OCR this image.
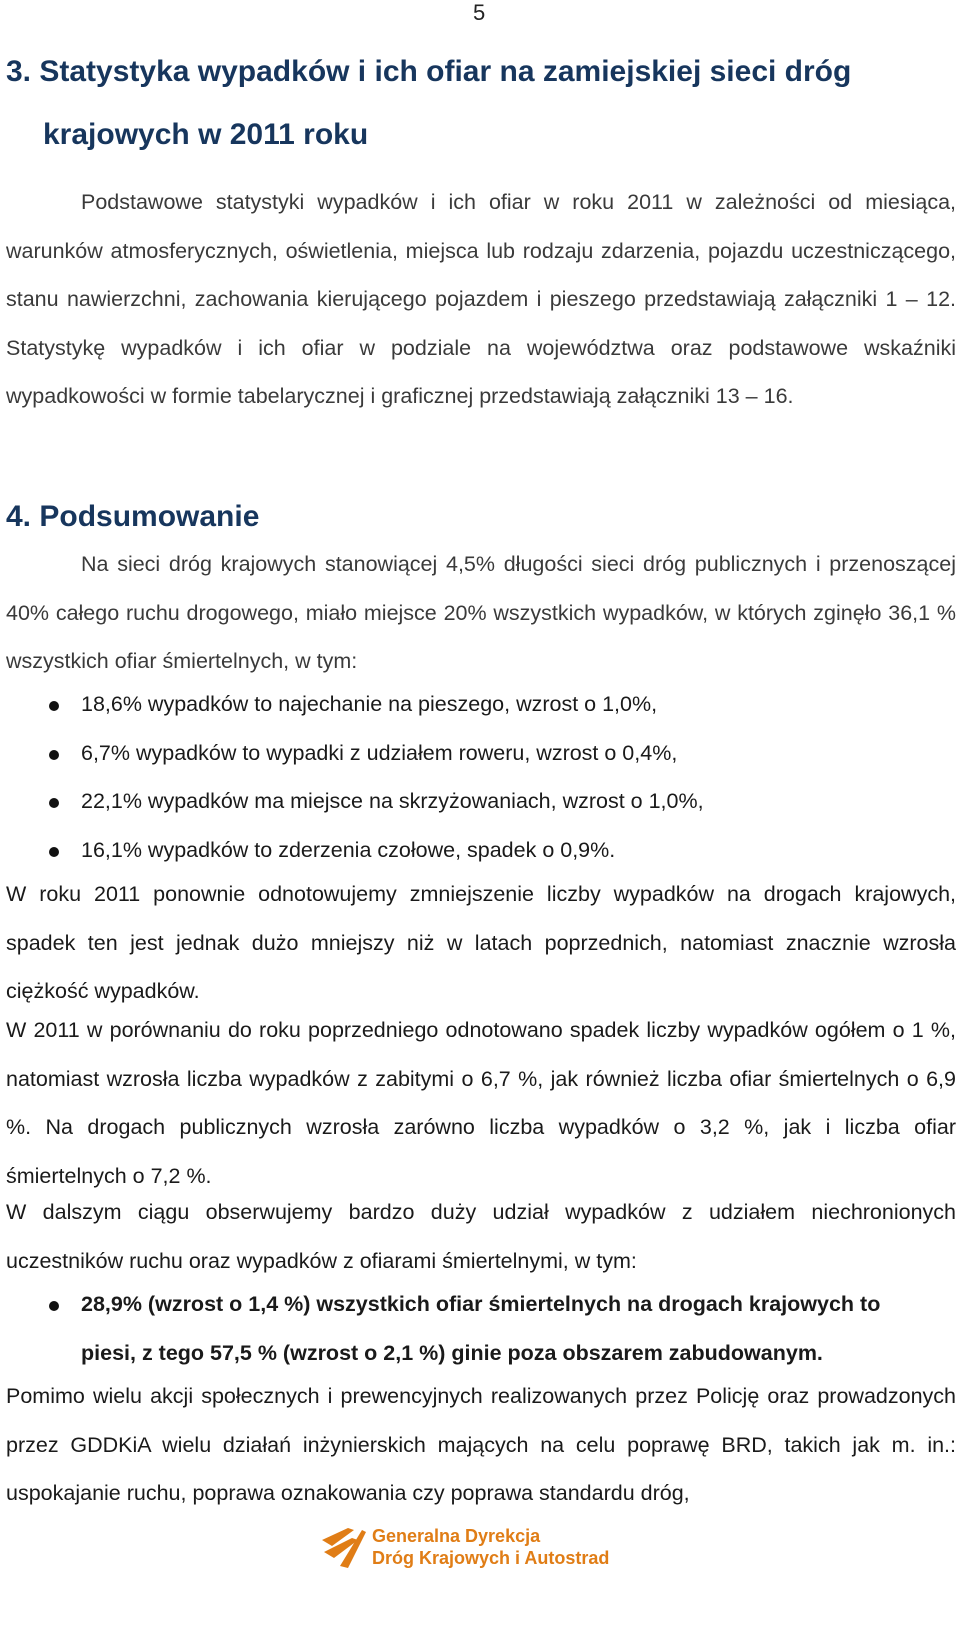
5
3. Statystyka wypadków i ich ofiar na zamiejskiej sieci dróg
krajowych w 2011 roku

Podstawowe statystyki wypadków i ich ofiar w roku 2011 w zależności od miesiąca, warunków atmosferycznych, oświetlenia, miejsca lub rodzaju zdarzenia, pojazdu uczestniczącego, stanu nawierzchni, zachowania kierującego pojazdem i pieszego przedstawiają załączniki 1 – 12. Statystykę wypadków i ich ofiar w podziale na województwa oraz podstawowe wskaźniki wypadkowości w formie tabelarycznej i graficznej przedstawiają załączniki 13 – 16.

4. Podsumowanie

Na sieci dróg krajowych stanowiącej 4,5% długości sieci dróg publicznych i przenoszącej 40% całego ruchu drogowego, miało miejsce 20% wszystkich wypadków, w których zginęło 36,1 % wszystkich ofiar śmiertelnych, w tym:

18,6% wypadków to najechanie na pieszego, wzrost o 1,0%,
6,7% wypadków to wypadki z udziałem roweru, wzrost o 0,4%,
22,1% wypadków ma miejsce na skrzyżowaniach, wzrost o 1,0%,
16,1% wypadków to zderzenia czołowe, spadek o 0,9%.

W roku 2011 ponownie odnotowujemy zmniejszenie liczby wypadków na drogach krajowych, spadek ten jest jednak dużo mniejszy niż w latach poprzednich, natomiast znacznie wzrosła ciężkość wypadków.

W 2011 w porównaniu do roku poprzedniego odnotowano spadek liczby wypadków ogółem o 1 %, natomiast wzrosła liczba wypadków z zabitymi o 6,7 %, jak również liczba ofiar śmiertelnych o 6,9 %. Na drogach publicznych wzrosła zarówno liczba wypadków o 3,2 %, jak i liczba ofiar śmiertelnych o 7,2 %.

W dalszym ciągu obserwujemy bardzo duży udział wypadków z udziałem niechronionych uczestników ruchu oraz wypadków z ofiarami śmiertelnymi, w tym:

28,9% (wzrost o 1,4 %) wszystkich ofiar śmiertelnych na drogach krajowych to piesi, z tego 57,5 % (wzrost o 2,1 %) ginie poza obszarem zabudowanym.

Pomimo wielu akcji społecznych i prewencyjnych realizowanych przez Policję oraz prowadzonych przez GDDKiA wielu działań inżynierskich mających na celu poprawę BRD, takich jak m. in.: uspokajanie ruchu, poprawa oznakowania czy poprawa standardu dróg,

Generalna Dyrekcja
Dróg Krajowych i Autostrad
